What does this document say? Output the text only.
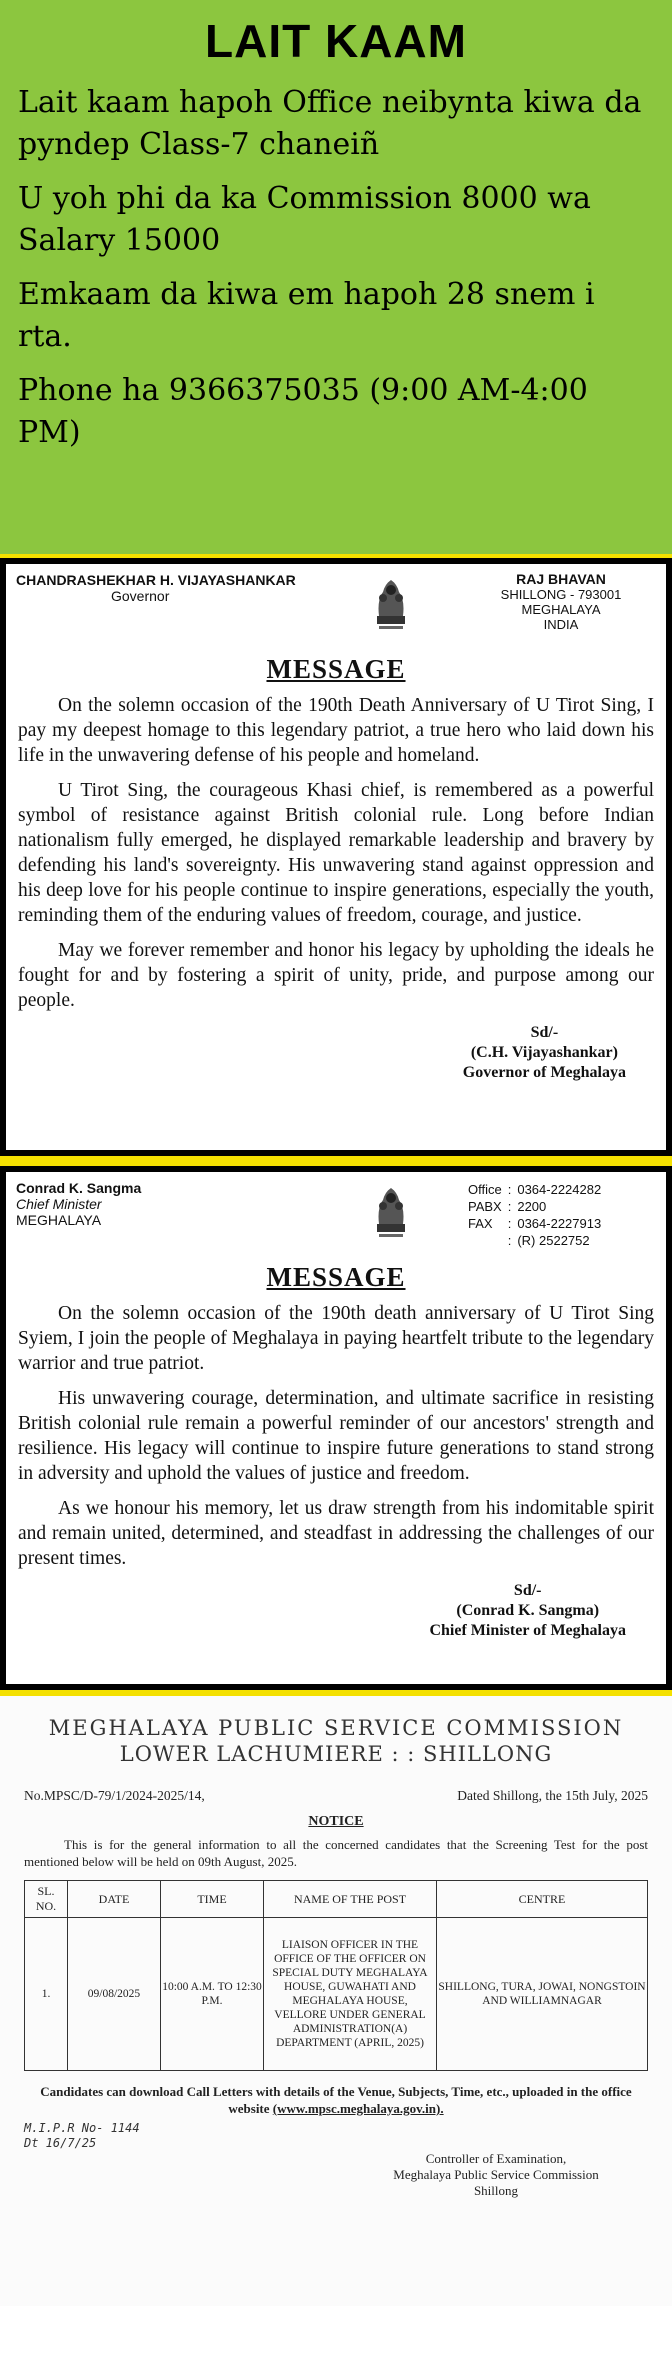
LAIT KAAM
Lait kaam hapoh Office neibynta kiwa da pyndep Class-7 chaneiñ
U yoh phi da ka Commission 8000 wa Salary 15000
Emkaam da kiwa em hapoh 28 snem i rta.
Phone ha 9366375035 (9:00 AM-4:00 PM)
CHANDRASHEKHAR H. VIJAYASHANKAR
Governor
RAJ BHAVAN
SHILLONG - 793001
MEGHALAYA
INDIA
MESSAGE

On the solemn occasion of the 190th Death Anniversary of U Tirot Sing, I pay my deepest homage to this legendary patriot, a true hero who laid down his life in the unwavering defense of his people and homeland.

U Tirot Sing, the courageous Khasi chief, is remembered as a powerful symbol of resistance against British colonial rule. Long before Indian nationalism fully emerged, he displayed remarkable leadership and bravery by defending his land's sovereignty. His unwavering stand against oppression and his deep love for his people continue to inspire generations, especially the youth, reminding them of the enduring values of freedom, courage, and justice.

May we forever remember and honor his legacy by upholding the ideals he fought for and by fostering a spirit of unity, pride, and purpose among our people.

Sd/-
(C.H. Vijayashankar)
Governor of Meghalaya
Conrad K. Sangma
Chief Minister
MEGHALAYA
Office	:	0364-2224282
PABX	:	2200
FAX	:	0364-2227913
	:	(R) 2522752
MESSAGE

On the solemn occasion of the 190th death anniversary of U Tirot Sing Syiem, I join the people of Meghalaya in paying heartfelt tribute to the legendary warrior and true patriot.

His unwavering courage, determination, and ultimate sacrifice in resisting British colonial rule remain a powerful reminder of our ancestors' strength and resilience. His legacy will continue to inspire future generations to stand strong in adversity and uphold the values of justice and freedom.

As we honour his memory, let us draw strength from his indomitable spirit and remain united, determined, and steadfast in addressing the challenges of our present times.

Sd/-
(Conrad K. Sangma)
Chief Minister of Meghalaya
MEGHALAYA PUBLIC SERVICE COMMISSION
LOWER LACHUMIERE : : SHILLONG
No.MPSC/D-79/1/2024-2025/14,	Dated Shillong, the 15th July, 2025
NOTICE
This is for the general information to all the concerned candidates that the Screening Test for the post mentioned below will be held on 09th August, 2025.
SL. NO.	DATE	TIME	NAME OF THE POST	CENTRE
1.	09/08/2025	10:00 A.M. TO 12:30 P.M.	LIAISON OFFICER IN THE OFFICE OF THE OFFICER ON SPECIAL DUTY MEGHALAYA HOUSE, GUWAHATI AND MEGHALAYA HOUSE, VELLORE UNDER GENERAL ADMINISTRATION(A) DEPARTMENT (APRIL, 2025)	SHILLONG, TURA, JOWAI, NONGSTOIN AND WILLIAMNAGAR
Candidates can download Call Letters with details of the Venue, Subjects, Time, etc., uploaded in the office website (www.mpsc.meghalaya.gov.in).
M.I.P.R No- 1144
Dt 16/7/25
Controller of Examination,
Meghalaya Public Service Commission
Shillong
